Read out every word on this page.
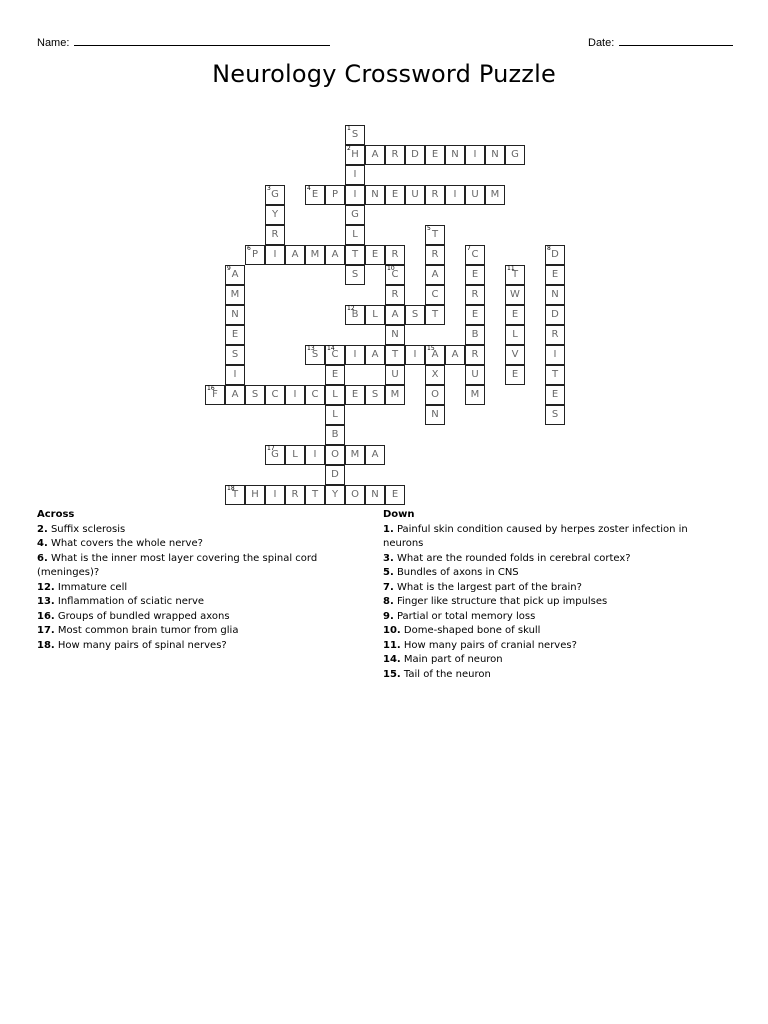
Name:	Date:
Neurology Crossword Puzzle
1
S
2
H
I
I
G
L
T
S
A	R	D	E	N	I	N	G
3
G
Y
R
I
4
E	P	N	E	U	R	I	U	M
5
T
R
A
C
T
6
P	A	M	A	E	R
7
C
E
R
E
B
R
U
M
8
D
E
N
D
R
I
T
E
S
9
A
M
N
E
S
I
A
10
C
R
A
N
T
U
M
11
T
W
E
L
V
E
12
B	L	S
13
S
14
C	I	A	I
15
A	A
E
L
L
B
O
D
X
O
N
16
F	S	C	I	C	E	S
17
G	L	I	M	A
18
T	H	I	R	T	Y	O	N	E
Across
2. Suffix sclerosis
4. What covers the whole nerve?
6. What is the inner most layer covering the spinal cord (meninges)?
12. Immature cell
13. Inflammation of sciatic nerve
16. Groups of bundled wrapped axons
17. Most common brain tumor from glia
18. How many pairs of spinal nerves?
Down
1. Painful skin condition caused by herpes zoster infection in neurons
3. What are the rounded folds in cerebral cortex?
5. Bundles of axons in CNS
7. What is the largest part of the brain?
8. Finger like structure that pick up impulses
9. Partial or total memory loss
10. Dome-shaped bone of skull
11. How many pairs of cranial nerves?
14. Main part of neuron
15. Tail of the neuron
